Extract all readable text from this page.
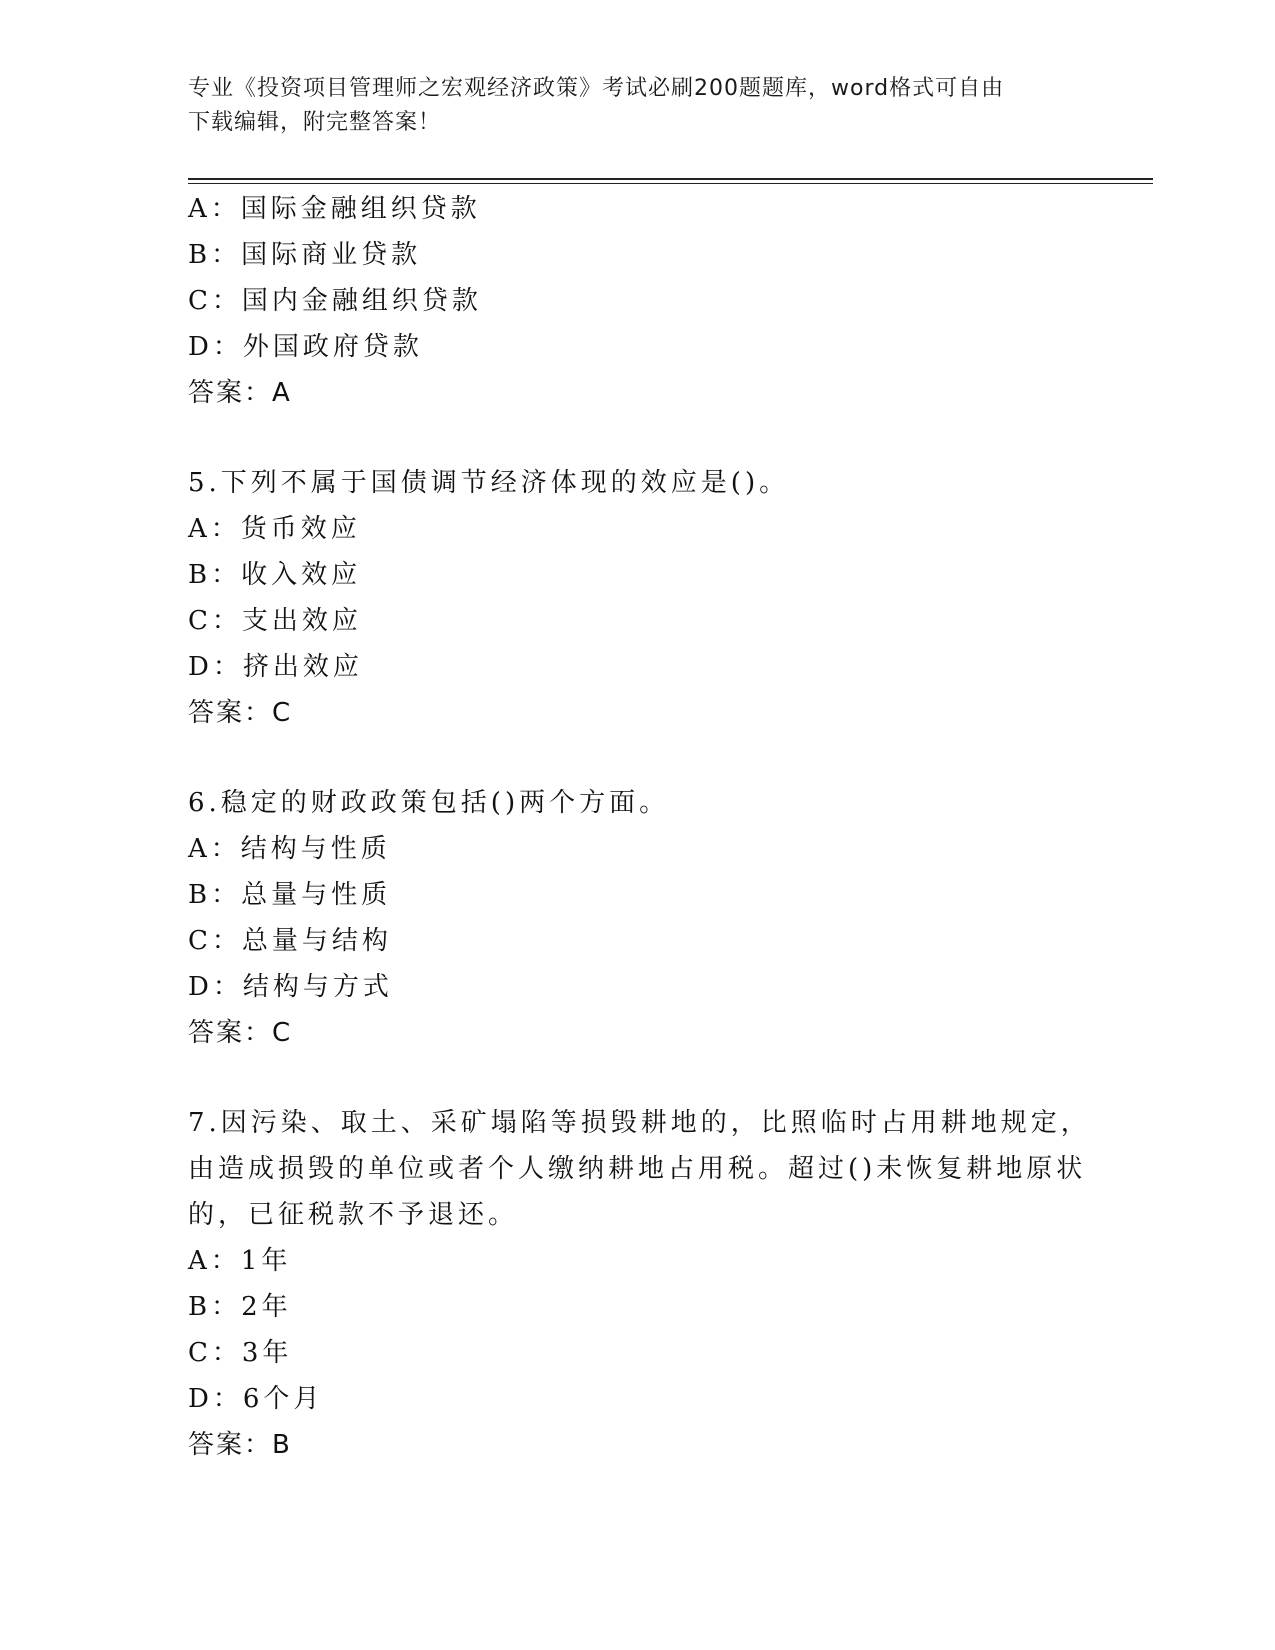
专业《投资项目管理师之宏观经济政策》考试必刷200题题库，word格式可自由
下载编辑，附完整答案！
A：国际金融组织贷款
B：国际商业贷款
C：国内金融组织贷款
D：外国政府贷款
答案：A
5.下列不属于国债调节经济体现的效应是()。
A：货币效应
B：收入效应
C：支出效应
D：挤出效应
答案：C
6.稳定的财政政策包括()两个方面。
A：结构与性质
B：总量与性质
C：总量与结构
D：结构与方式
答案：C
7.因污染、取土、采矿塌陷等损毁耕地的，比照临时占用耕地规定，
由造成损毁的单位或者个人缴纳耕地占用税。超过()未恢复耕地原状
的，已征税款不予退还。
A：1年
B：2年
C：3年
D：6个月
答案：B
